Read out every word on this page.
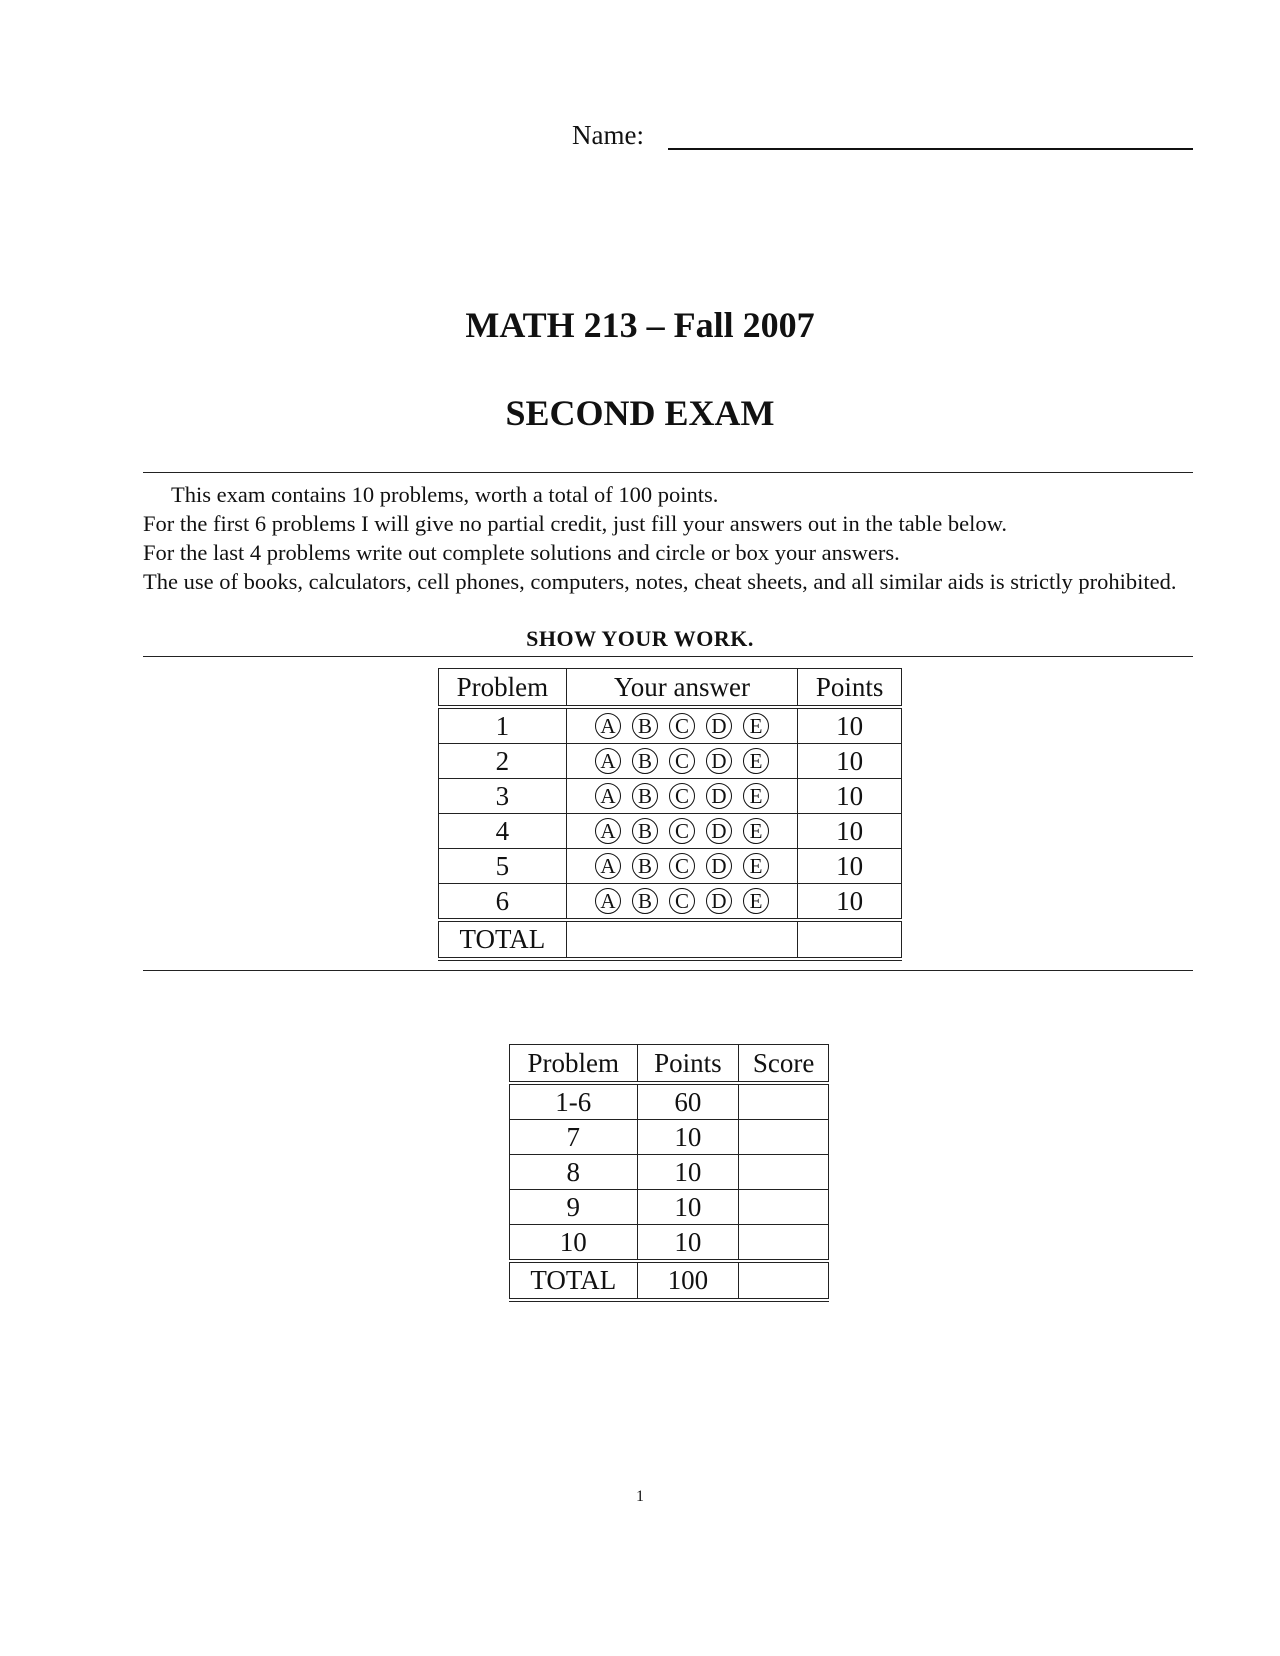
Name:
MATH 213 – Fall 2007
SECOND EXAM

This exam contains 10 problems, worth a total of 100 points.

For the first 6 problems I will give no partial credit, just fill your answers out in the table below.

For the last 4 problems write out complete solutions and circle or box your answers.

The use of books, calculators, cell phones, computers, notes, cheat sheets, and all similar aids is strictly prohibited.

SHOW YOUR WORK.
Problem	Your answer	Points
1	A B C D E	10
2	A B C D E	10
3	A B C D E	10
4	A B C D E	10
5	A B C D E	10
6	A B C D E	10
TOTAL		
Problem	Points	Score
1-6	60	
7	10	
8	10	
9	10	
10	10	
TOTAL	100	
1
